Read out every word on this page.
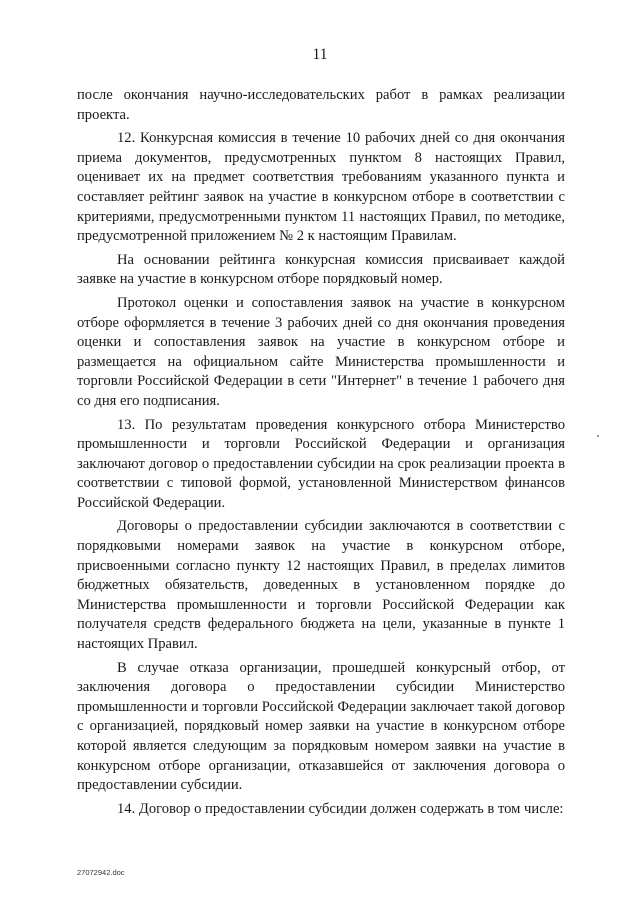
11

после окончания научно-исследовательских работ в рамках реализации проекта.

12. Конкурсная комиссия в течение 10 рабочих дней со дня окончания приема документов, предусмотренных пунктом 8 настоящих Правил, оценивает их на предмет соответствия требованиям указанного пункта и составляет рейтинг заявок на участие в конкурсном отборе в соответствии с критериями, предусмотренными пунктом 11 настоящих Правил, по методике, предусмотренной приложением № 2 к настоящим Правилам.

На основании рейтинга конкурсная комиссия присваивает каждой заявке на участие в конкурсном отборе порядковый номер.

Протокол оценки и сопоставления заявок на участие в конкурсном отборе оформляется в течение 3 рабочих дней со дня окончания проведения оценки и сопоставления заявок на участие в конкурсном отборе и размещается на официальном сайте Министерства промышленности и торговли Российской Федерации в сети "Интернет" в течение 1 рабочего дня со дня его подписания.

13. По результатам проведения конкурсного отбора Министерство промышленности и торговли Российской Федерации и организация заключают договор о предоставлении субсидии на срок реализации проекта в соответствии с типовой формой, установленной Министерством финансов Российской Федерации.

Договоры о предоставлении субсидии заключаются в соответствии с порядковыми номерами заявок на участие в конкурсном отборе, присвоенными согласно пункту 12 настоящих Правил, в пределах лимитов бюджетных обязательств, доведенных в установленном порядке до Министерства промышленности и торговли Российской Федерации как получателя средств федерального бюджета на цели, указанные в пункте 1 настоящих Правил.

В случае отказа организации, прошедшей конкурсный отбор, от заключения договора о предоставлении субсидии Министерство промышленности и торговли Российской Федерации заключает такой договор с организацией, порядковый номер заявки на участие в конкурсном отборе которой является следующим за порядковым номером заявки на участие в конкурсном отборе организации, отказавшейся от заключения договора о предоставлении субсидии.

14. Договор о предоставлении субсидии должен содержать в том числе:

27072942.doc
